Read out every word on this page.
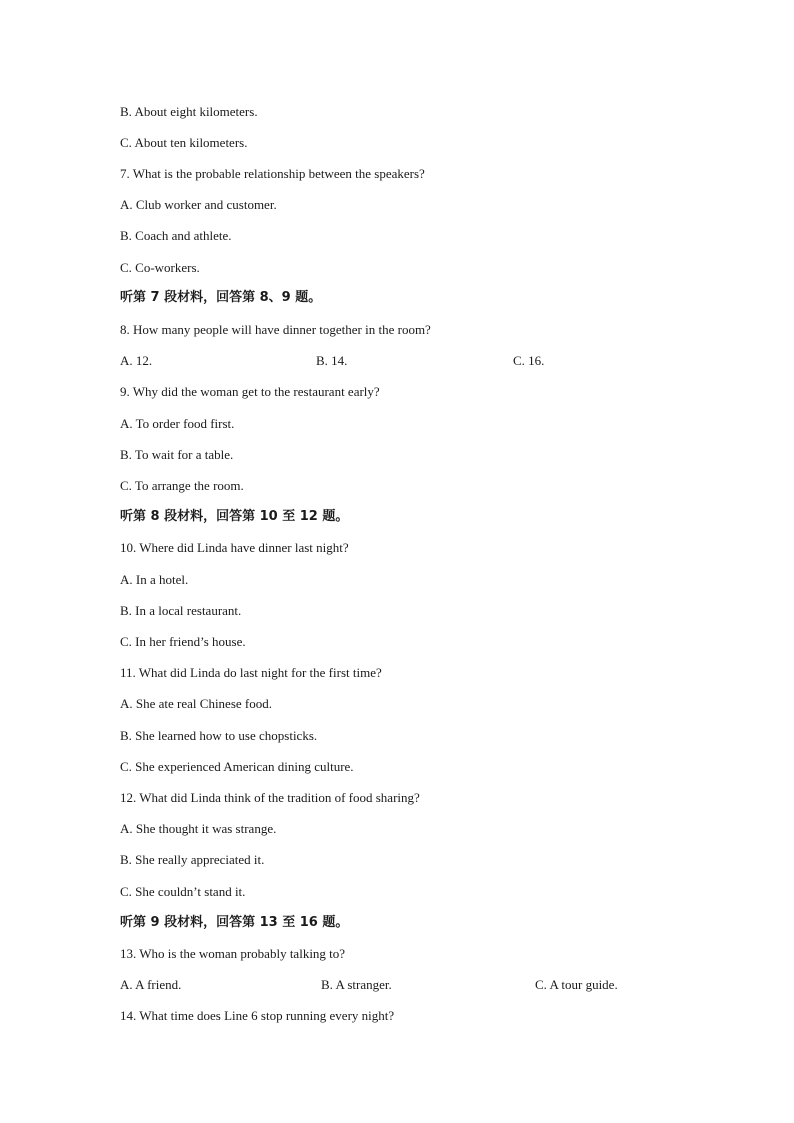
B. About eight kilometers.
C. About ten kilometers.
7. What is the probable relationship between the speakers?
A. Club worker and customer.
B. Coach and athlete.
C. Co-workers.
听第 7 段材料，回答第 8、9 题。
8. How many people will have dinner together in the room?
A. 12.	B. 14.	C. 16.
9. Why did the woman get to the restaurant early?
A. To order food first.
B. To wait for a table.
C. To arrange the room.
听第 8 段材料，回答第 10 至 12 题。
10. Where did Linda have dinner last night?
A. In a hotel.
B. In a local restaurant.
C. In her friend’s house.
11. What did Linda do last night for the first time?
A. She ate real Chinese food.
B. She learned how to use chopsticks.
C. She experienced American dining culture.
12. What did Linda think of the tradition of food sharing?
A. She thought it was strange.
B. She really appreciated it.
C. She couldn’t stand it.
听第 9 段材料，回答第 13 至 16 题。
13. Who is the woman probably talking to?
A. A friend.	B. A stranger.	C. A tour guide.
14. What time does Line 6 stop running every night?
